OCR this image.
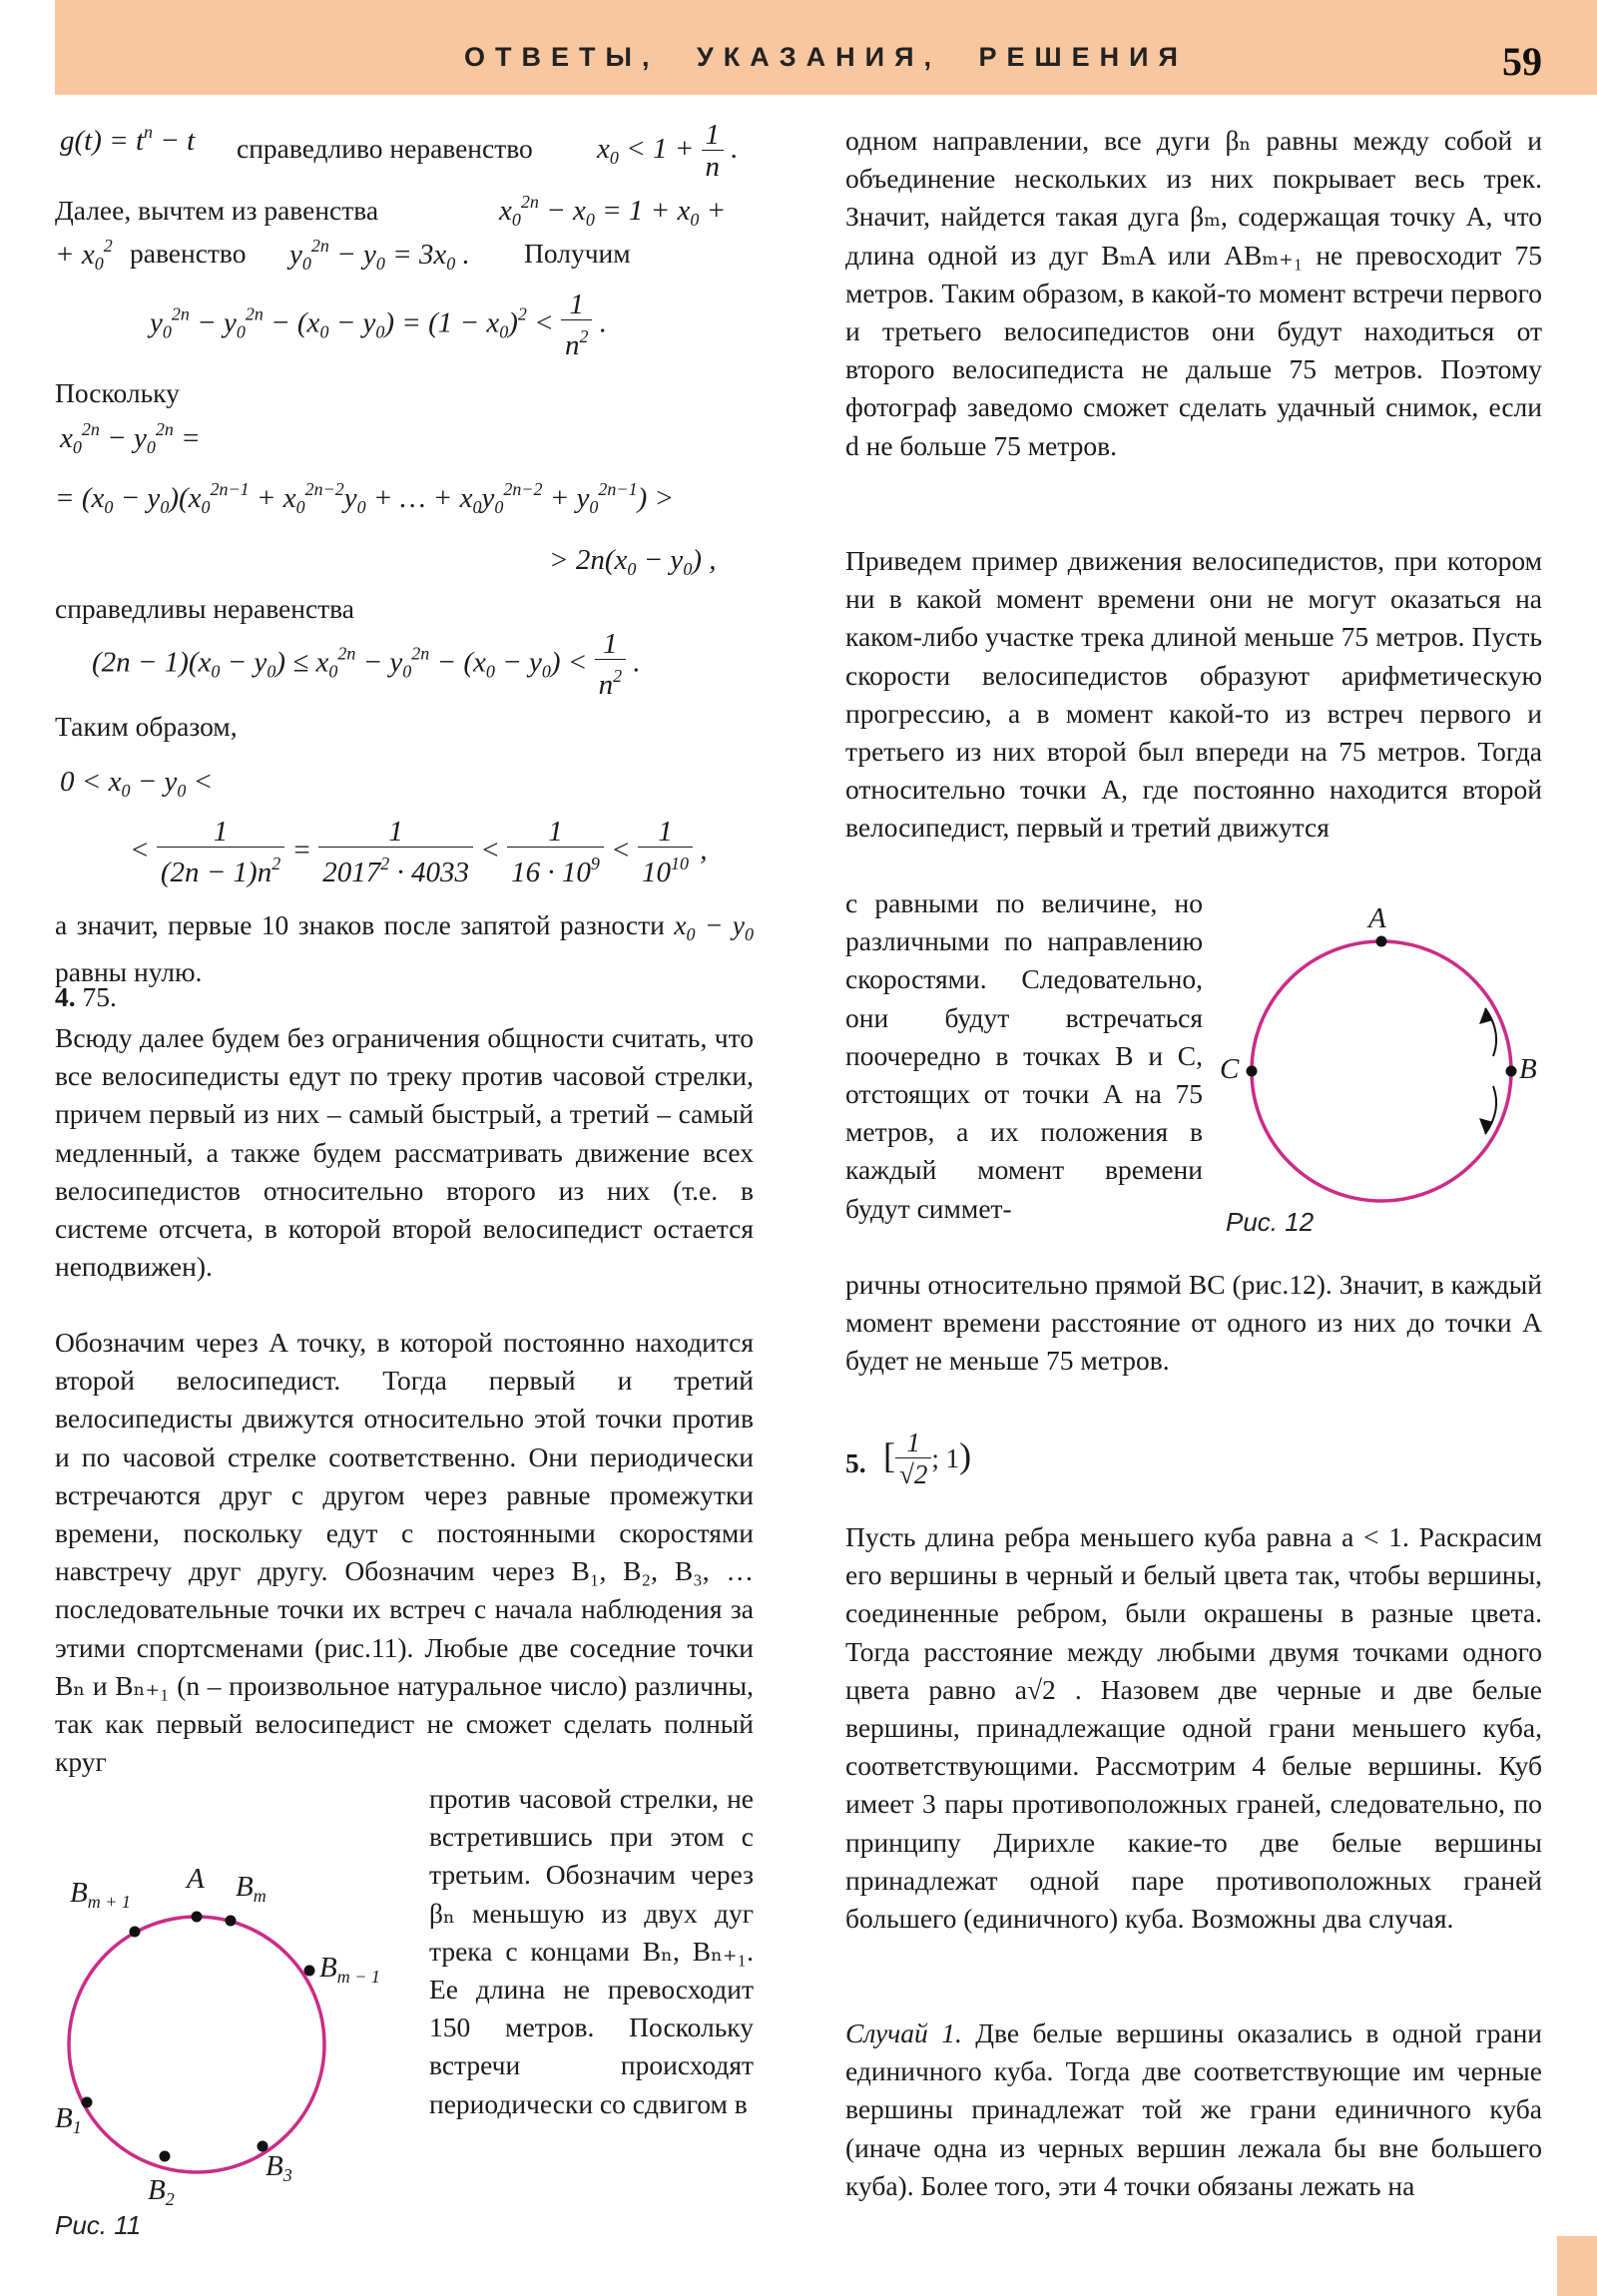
ОТВЕТЫ, УКАЗАНИЯ, РЕШЕНИЯ	59
$g(t) = t^n - t$ справедливо неравенство $x_0 < 1 + \frac{1}{n}$ .
Далее, вычтем из равенства	$x_0^{2n} - x_0 = 1 + x_0$ +
+ $x_0^2$ равенство $y_0^{2n} - y_0 = 3x_0$ . Получим
$y_0^{2n} - y_0^{2n} - (x_0 - y_0) = (1 - x_0)^2 < \frac{1}{n^2}$ .
Поскольку
$x_0^{2n} - y_0^{2n}$ =
= $(x_0 - y_0)(x_0^{2n-1} + x_0^{2n-2}y_0$ + … + $x_0y_0^{2n-2} + y_0^{2n-1}$) >
> $2n(x_0 - y_0)$ ,
справедливы неравенства
$(2n - 1)(x_0 - y_0) \le x_0^{2n} - y_0^{2n} - (x_0 - y_0) < \frac{1}{n^2}$ .
Таким образом,
$0 < x_0 - y_0$ <
< $\frac{1}{(2n - 1)n^2} = \frac{1}{2017^2 \cdot 4033} < \frac{1}{16 \cdot 10^9} < \frac{1}{10^{10}}$ ,

а значит, первые 10 знаков после запятой разности $x_0 - y_0$ равны нулю.

4. 75.

Всюду далее будем без ограничения общности считать, что все велосипедисты едут по треку против часовой стрелки, причем первый из них – самый быстрый, а третий – самый медленный, а также будем рассматривать движение всех велосипедистов относительно второго из них (т.е. в системе отсчета, в которой второй велосипедист остается неподвижен).

Обозначим через A точку, в которой постоянно находится второй велосипедист. Тогда первый и третий велосипедисты движутся относительно этой точки против и по часовой стрелке соответственно. Они периодически встречаются друг с другом через равные промежутки времени, поскольку едут с постоянными скоростями навстречу друг другу. Обозначим через B₁, B₂, B₃, … последовательные точки их встреч с начала наблюдения за этими спортсменами (рис.11). Любые две соседние точки Bₙ и Bₙ₊₁ (n – произвольное натуральное число) различны, так как первый велосипедист не сможет сделать полный круг

против часовой стрелки, не встретившись при этом с третьим. Обозначим через βₙ меньшую из двух дуг трека с концами Bₙ, Bₙ₊₁. Ее длина не превосходит 150 метров. Поскольку встречи происходят периодически со сдвигом в

$B_{m + 1}$
A $B_m$
$B_{m - 1}$
$B_1$
$B_2$
$B_3$
Рис. 11

одном направлении, все дуги βₙ равны между собой и объединение нескольких из них покрывает весь трек. Значит, найдется такая дуга βₘ, содержащая точку A, что длина одной из дуг BₘA или ABₘ₊₁ не превосходит 75 метров. Таким образом, в какой-то момент встречи первого и третьего велосипедистов они будут находиться от второго велосипедиста не дальше 75 метров. Поэтому фотограф заведомо сможет сделать удачный снимок, если d не больше 75 метров.

Приведем пример движения велосипедистов, при котором ни в какой момент времени они не могут оказаться на каком-либо участке трека длиной меньше 75 метров. Пусть скорости велосипедистов образуют арифметическую прогрессию, а в момент какой-то из встреч первого и третьего из них второй был впереди на 75 метров. Тогда относительно точки A, где постоянно находится второй велосипедист, первый и третий движутся

с равными по величине, но различными по направлению скоростями. Следовательно, они будут встречаться поочередно в точках B и C, отстоящих от точки A на 75 метров, а их положения в каждый момент времени будут симмет-

ричны относительно прямой BC (рис.12). Значит, в каждый момент времени расстояние от одного из них до точки A будет не меньше 75 метров.

A
C	B
Рис. 12
5. [ $\frac{1}{√2}$ ; 1)

Пусть длина ребра меньшего куба равна a < 1. Раскрасим его вершины в черный и белый цвета так, чтобы вершины, соединенные ребром, были окрашены в разные цвета. Тогда расстояние между любыми двумя точками одного цвета равно a√2 . Назовем две черные и две белые вершины, принадлежащие одной грани меньшего куба, соответствующими. Рассмотрим 4 белые вершины. Куб имеет 3 пары противоположных граней, следовательно, по принципу Дирихле какие-то две белые вершины принадлежат одной паре противоположных граней большего (единичного) куба. Возможны два случая.

Случай 1. Две белые вершины оказались в одной грани единичного куба. Тогда две соответствующие им черные вершины принадлежат той же грани единичного куба (иначе одна из черных вершин лежала бы вне большего куба). Более того, эти 4 точки обязаны лежать на
